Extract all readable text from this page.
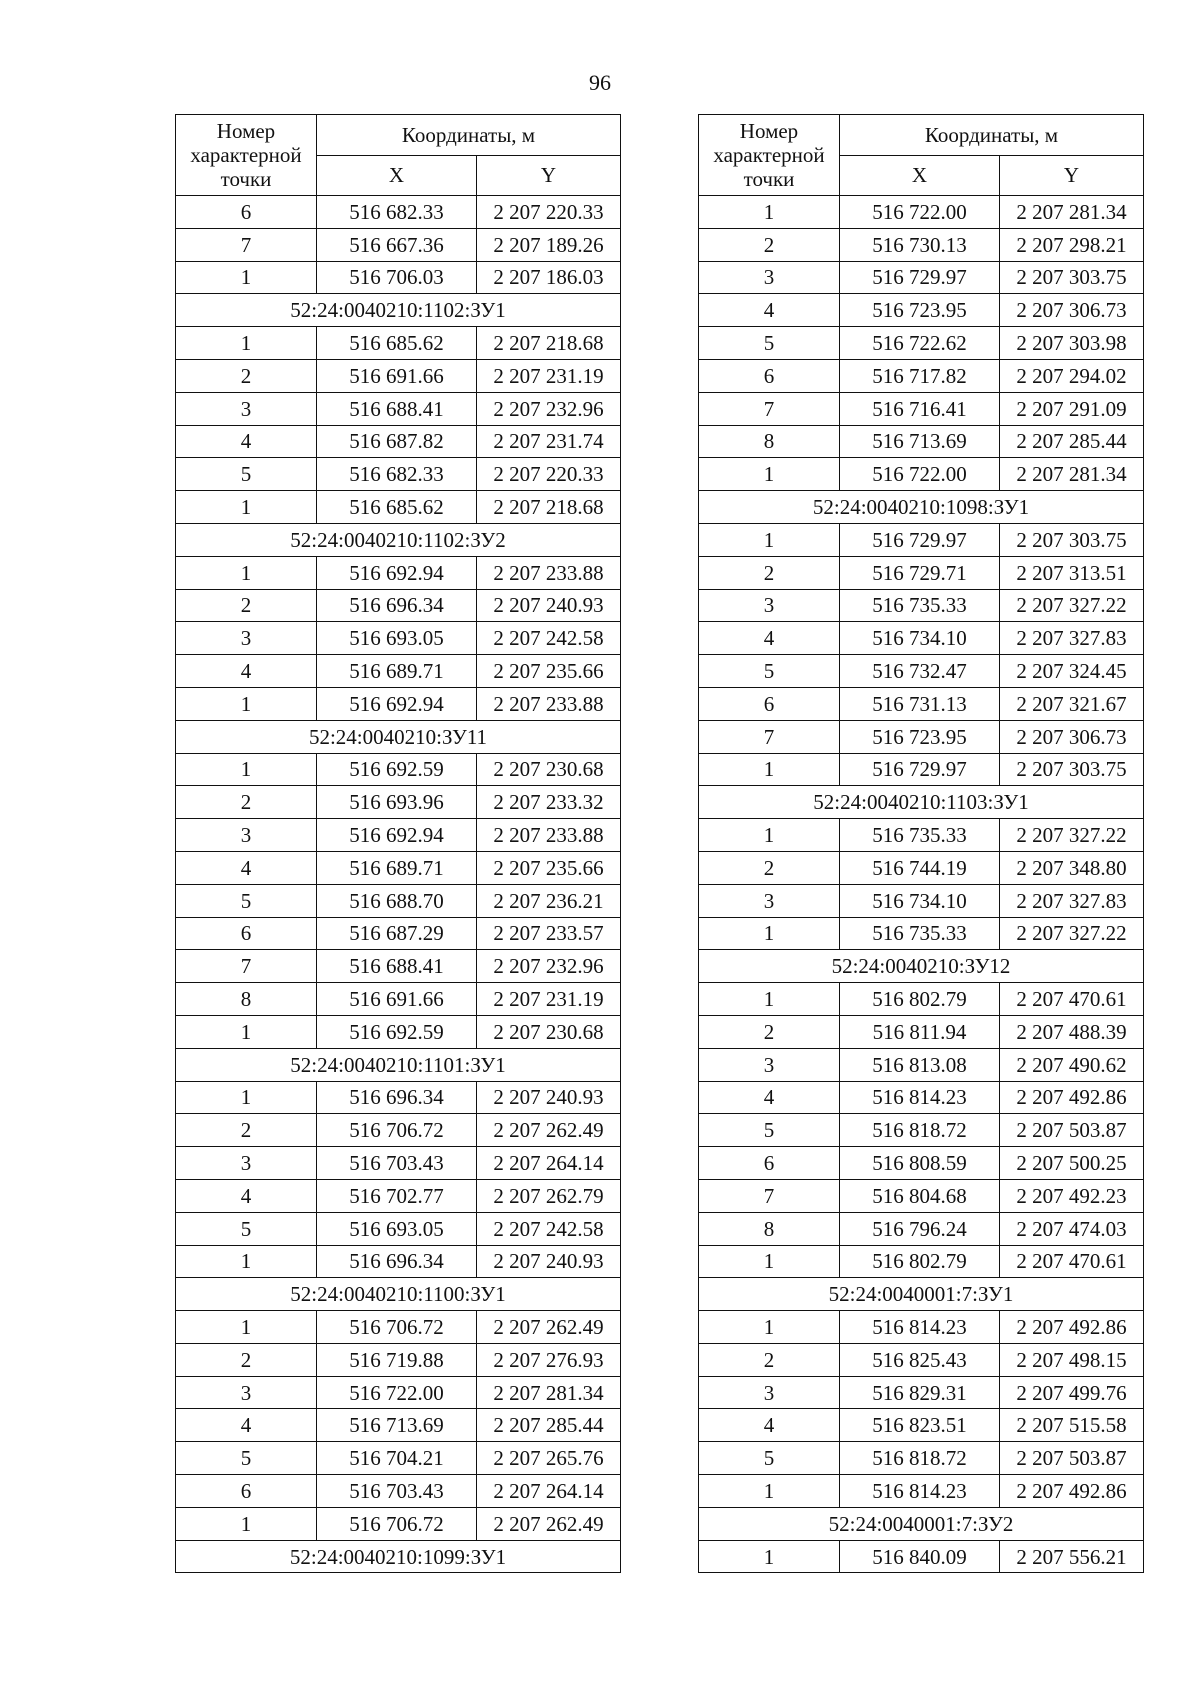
96
Номер
характерной
точки	Координаты, м	
	X	Y
6	516 682.33	2 207 220.33
7	516 667.36	2 207 189.26
1	516 706.03	2 207 186.03
52:24:0040210:1102:ЗУ1		
1	516 685.62	2 207 218.68
2	516 691.66	2 207 231.19
3	516 688.41	2 207 232.96
4	516 687.82	2 207 231.74
5	516 682.33	2 207 220.33
1	516 685.62	2 207 218.68
52:24:0040210:1102:ЗУ2		
1	516 692.94	2 207 233.88
2	516 696.34	2 207 240.93
3	516 693.05	2 207 242.58
4	516 689.71	2 207 235.66
1	516 692.94	2 207 233.88
52:24:0040210:ЗУ11		
1	516 692.59	2 207 230.68
2	516 693.96	2 207 233.32
3	516 692.94	2 207 233.88
4	516 689.71	2 207 235.66
5	516 688.70	2 207 236.21
6	516 687.29	2 207 233.57
7	516 688.41	2 207 232.96
8	516 691.66	2 207 231.19
1	516 692.59	2 207 230.68
52:24:0040210:1101:ЗУ1		
1	516 696.34	2 207 240.93
2	516 706.72	2 207 262.49
3	516 703.43	2 207 264.14
4	516 702.77	2 207 262.79
5	516 693.05	2 207 242.58
1	516 696.34	2 207 240.93
52:24:0040210:1100:ЗУ1		
1	516 706.72	2 207 262.49
2	516 719.88	2 207 276.93
3	516 722.00	2 207 281.34
4	516 713.69	2 207 285.44
5	516 704.21	2 207 265.76
6	516 703.43	2 207 264.14
1	516 706.72	2 207 262.49
52:24:0040210:1099:ЗУ1		
Номер
характерной
точки	Координаты, м	
	X	Y
1	516 722.00	2 207 281.34
2	516 730.13	2 207 298.21
3	516 729.97	2 207 303.75
4	516 723.95	2 207 306.73
5	516 722.62	2 207 303.98
6	516 717.82	2 207 294.02
7	516 716.41	2 207 291.09
8	516 713.69	2 207 285.44
1	516 722.00	2 207 281.34
52:24:0040210:1098:ЗУ1		
1	516 729.97	2 207 303.75
2	516 729.71	2 207 313.51
3	516 735.33	2 207 327.22
4	516 734.10	2 207 327.83
5	516 732.47	2 207 324.45
6	516 731.13	2 207 321.67
7	516 723.95	2 207 306.73
1	516 729.97	2 207 303.75
52:24:0040210:1103:ЗУ1		
1	516 735.33	2 207 327.22
2	516 744.19	2 207 348.80
3	516 734.10	2 207 327.83
1	516 735.33	2 207 327.22
52:24:0040210:ЗУ12		
1	516 802.79	2 207 470.61
2	516 811.94	2 207 488.39
3	516 813.08	2 207 490.62
4	516 814.23	2 207 492.86
5	516 818.72	2 207 503.87
6	516 808.59	2 207 500.25
7	516 804.68	2 207 492.23
8	516 796.24	2 207 474.03
1	516 802.79	2 207 470.61
52:24:0040001:7:ЗУ1		
1	516 814.23	2 207 492.86
2	516 825.43	2 207 498.15
3	516 829.31	2 207 499.76
4	516 823.51	2 207 515.58
5	516 818.72	2 207 503.87
1	516 814.23	2 207 492.86
52:24:0040001:7:ЗУ2		
1	516 840.09	2 207 556.21
